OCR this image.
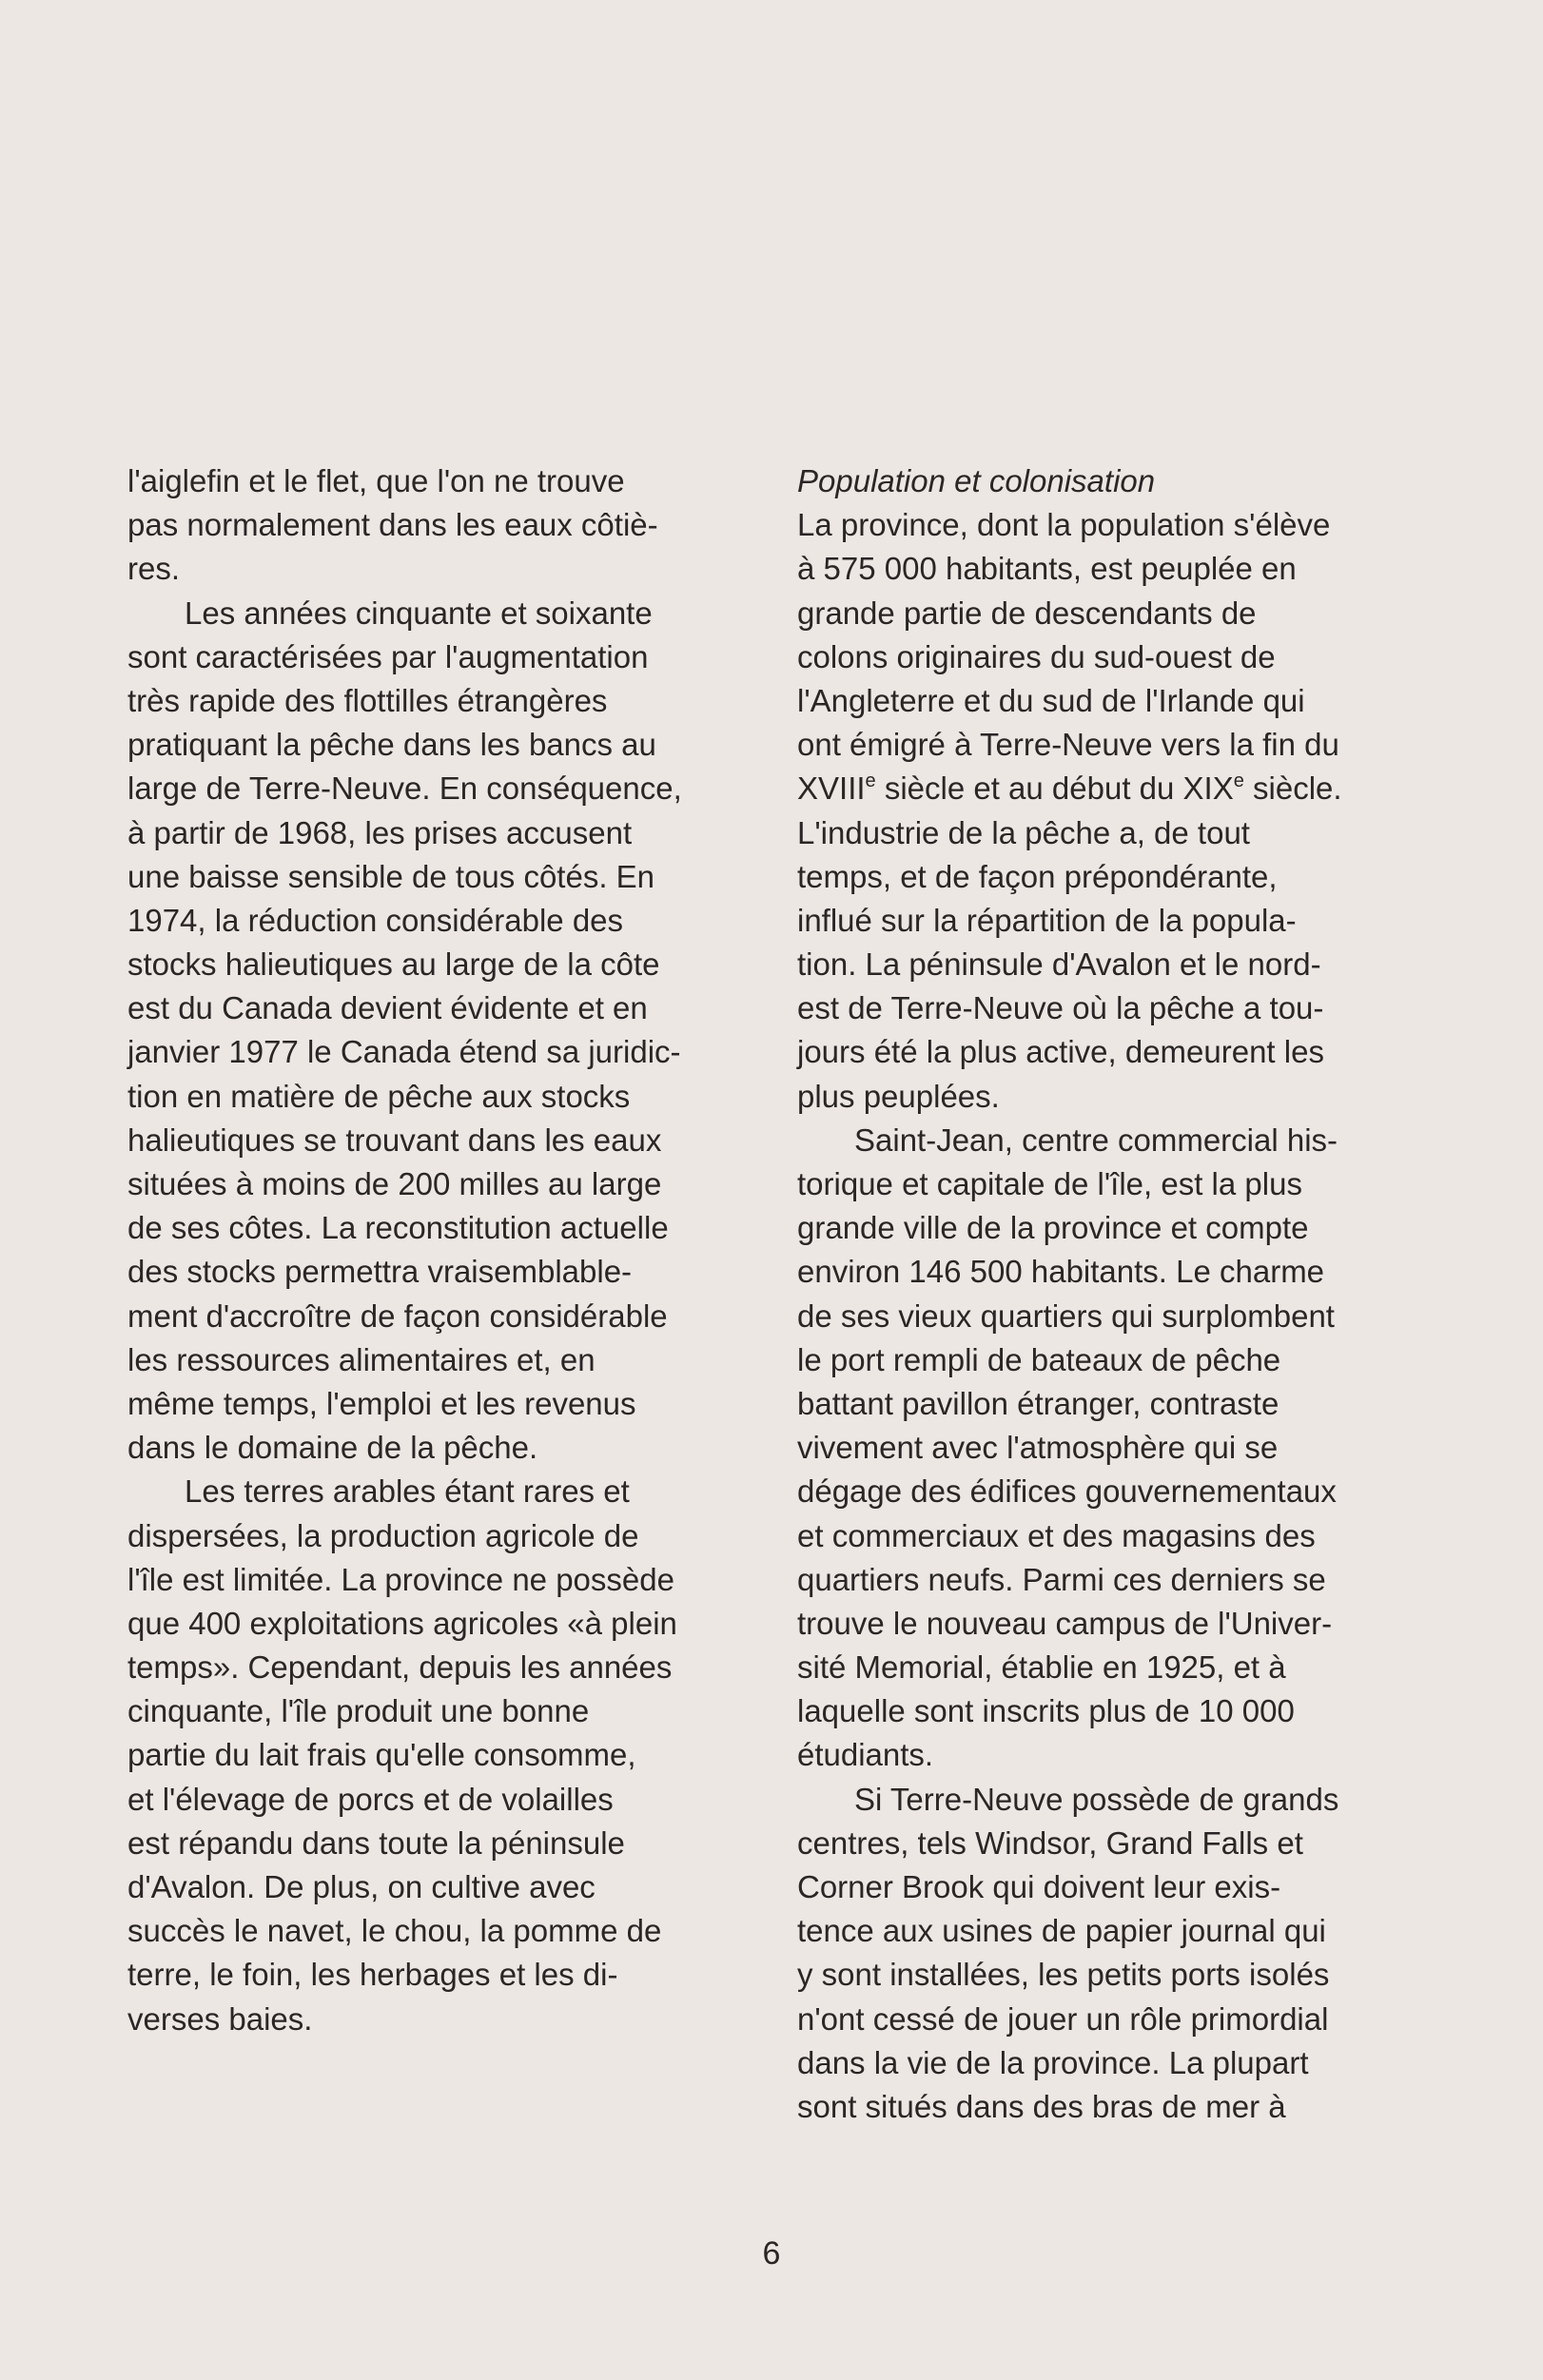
l'aiglefin et le flet, que l'on ne trouve
pas normalement dans les eaux côtiè-
res.
Les années cinquante et soixante
sont caractérisées par l'augmentation
très rapide des flottilles étrangères
pratiquant la pêche dans les bancs au
large de Terre-Neuve. En conséquence,
à partir de 1968, les prises accusent
une baisse sensible de tous côtés. En
1974, la réduction considérable des
stocks halieutiques au large de la côte
est du Canada devient évidente et en
janvier 1977 le Canada étend sa juridic-
tion en matière de pêche aux stocks
halieutiques se trouvant dans les eaux
situées à moins de 200 milles au large
de ses côtes. La reconstitution actuelle
des stocks permettra vraisemblable-
ment d'accroître de façon considérable
les ressources alimentaires et, en
même temps, l'emploi et les revenus
dans le domaine de la pêche.
Les terres arables étant rares et
dispersées, la production agricole de
l'île est limitée. La province ne possède
que 400 exploitations agricoles «à plein
temps». Cependant, depuis les années
cinquante, l'île produit une bonne
partie du lait frais qu'elle consomme,
et l'élevage de porcs et de volailles
est répandu dans toute la péninsule
d'Avalon. De plus, on cultive avec
succès le navet, le chou, la pomme de
terre, le foin, les herbages et les di-
verses baies.
Population et colonisation
La province, dont la population s'élève
à 575 000 habitants, est peuplée en
grande partie de descendants de
colons originaires du sud-ouest de
l'Angleterre et du sud de l'Irlande qui
ont émigré à Terre-Neuve vers la fin du
XVIIIe siècle et au début du XIXe siècle.
L'industrie de la pêche a, de tout
temps, et de façon prépondérante,
influé sur la répartition de la popula-
tion. La péninsule d'Avalon et le nord-
est de Terre-Neuve où la pêche a tou-
jours été la plus active, demeurent les
plus peuplées.
Saint-Jean, centre commercial his-
torique et capitale de l'île, est la plus
grande ville de la province et compte
environ 146 500 habitants. Le charme
de ses vieux quartiers qui surplombent
le port rempli de bateaux de pêche
battant pavillon étranger, contraste
vivement avec l'atmosphère qui se
dégage des édifices gouvernementaux
et commerciaux et des magasins des
quartiers neufs. Parmi ces derniers se
trouve le nouveau campus de l'Univer-
sité Memorial, établie en 1925, et à
laquelle sont inscrits plus de 10 000
étudiants.
Si Terre-Neuve possède de grands
centres, tels Windsor, Grand Falls et
Corner Brook qui doivent leur exis-
tence aux usines de papier journal qui
y sont installées, les petits ports isolés
n'ont cessé de jouer un rôle primordial
dans la vie de la province. La plupart
sont situés dans des bras de mer à
6
